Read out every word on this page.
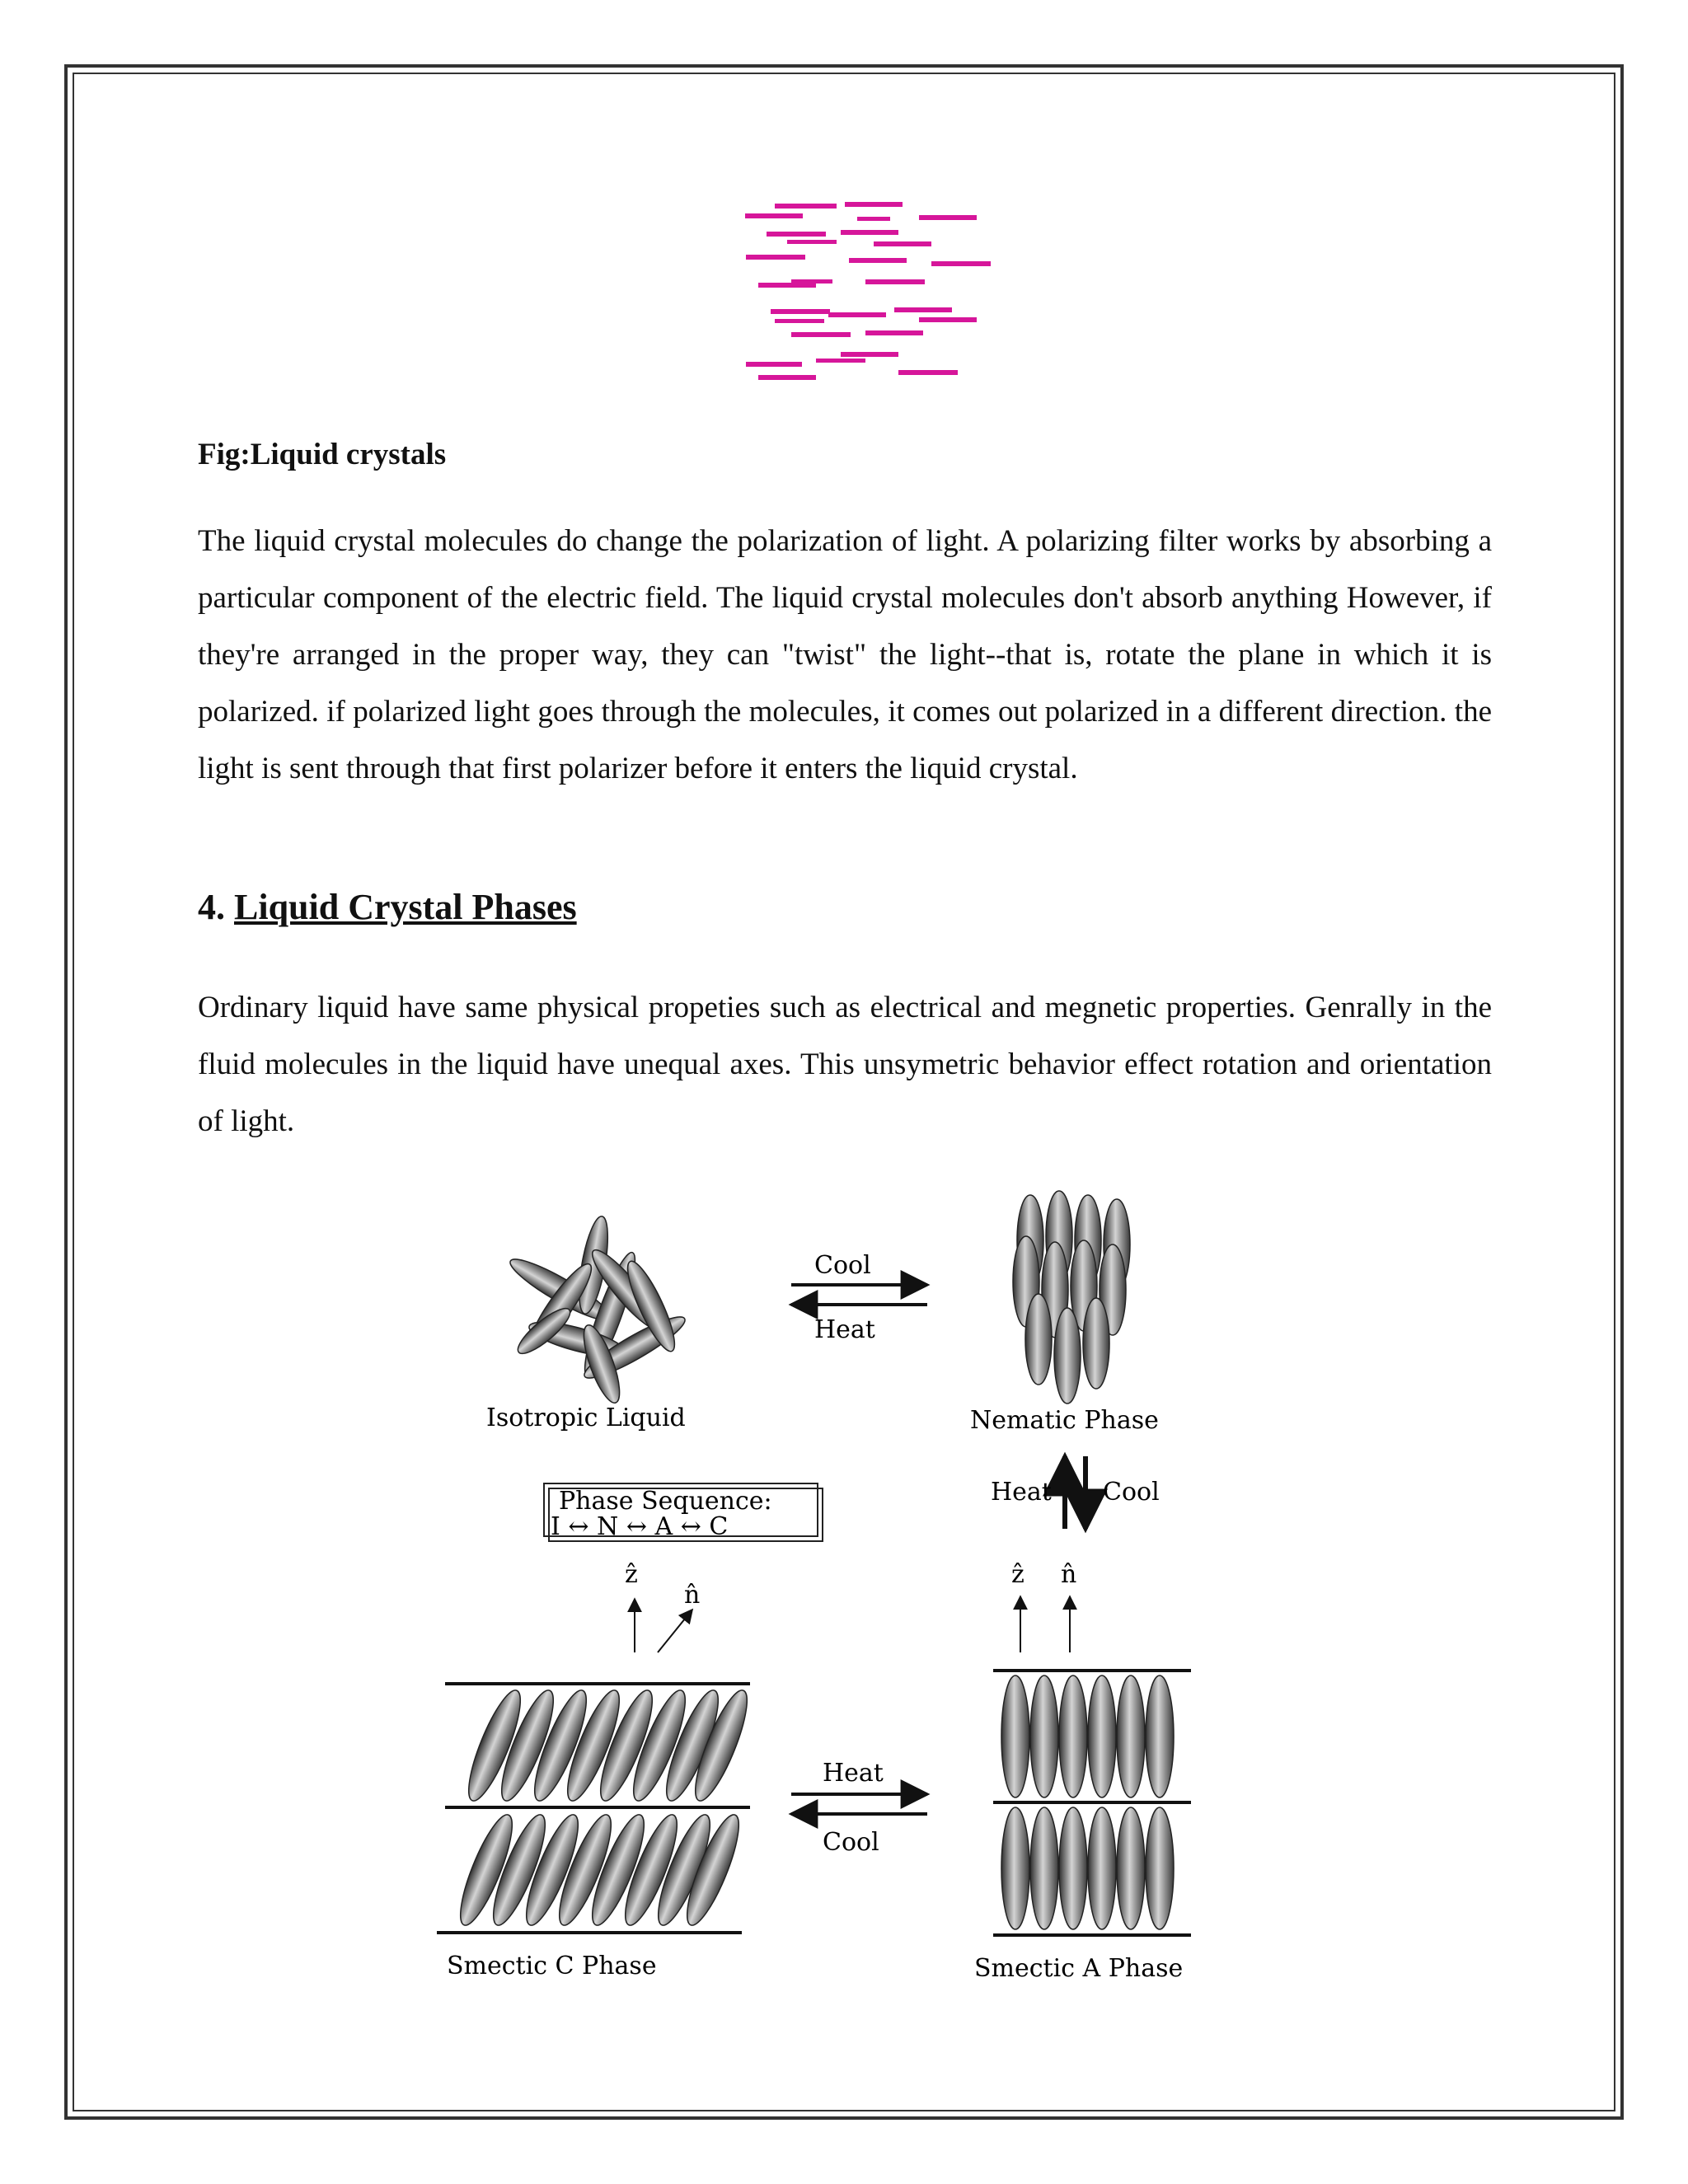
Fig:Liquid crystals

The liquid crystal molecules do change the polarization of light. A polarizing filter works by absorbing a particular component of the electric field. The liquid crystal molecules don't absorb anything However, if they're arranged in the proper way, they can "twist" the light--that is, rotate the plane in which it is polarized. if polarized light goes through the molecules, it comes out polarized in a different direction. the light is sent through that first polarizer before it enters the liquid crystal.

4. Liquid Crystal Phases

Ordinary liquid have same physical propeties such as electrical and megnetic properties. Genrally in the fluid molecules in the liquid have unequal axes. This unsymetric behavior effect rotation and orientation of light.

Isotropic Liquid
Cool
Heat
Nematic Phase
Heat Cool
Phase Sequence:
I ↔ N ↔ A ↔ C
ẑ
n̂
ẑ n̂
Smectic C Phase
Heat
Cool
Smectic A Phase
